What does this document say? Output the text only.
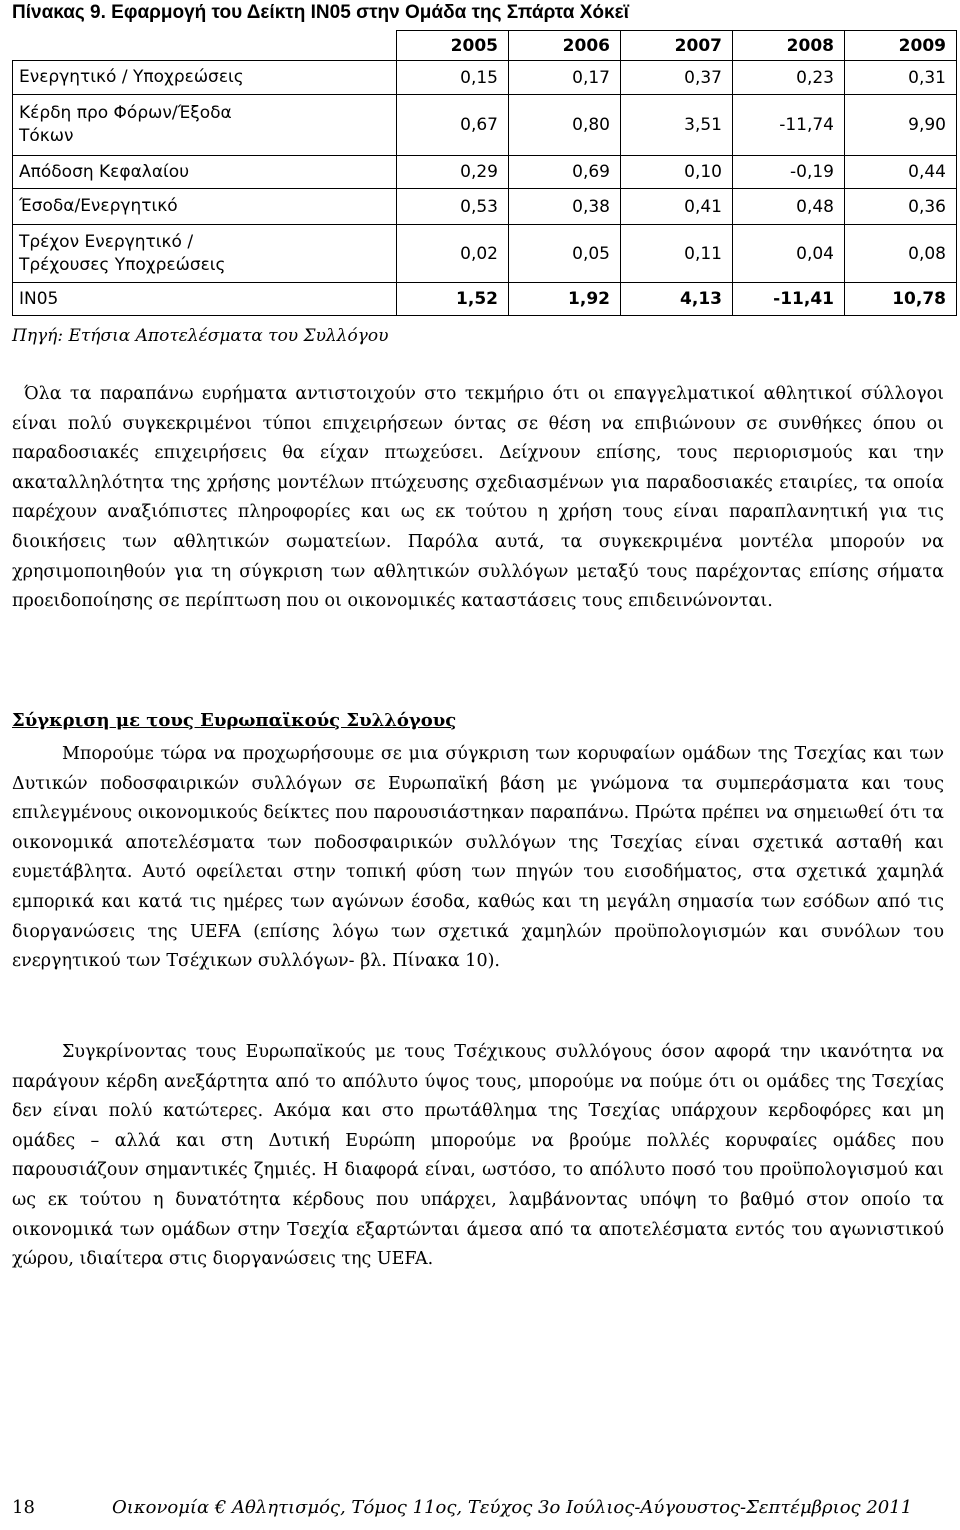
Πίνακας 9. Εφαρμογή του Δείκτη IN05 στην Ομάδα της Σπάρτα Χόκεϊ
	2005	2006	2007	2008	2009
Ενεργητικό / Υποχρεώσεις	0,15	0,17	0,37	0,23	0,31
Κέρδη προ Φόρων/Έξοδα Τόκων	0,67	0,80	3,51	-11,74	9,90
Απόδοση Κεφαλαίου	0,29	0,69	0,10	-0,19	0,44
Έσοδα/Ενεργητικό	0,53	0,38	0,41	0,48	0,36
Τρέχον Ενεργητικό / Τρέχουσες Υποχρεώσεις	0,02	0,05	0,11	0,04	0,08
IN05	1,52	1,92	4,13	-11,41	10,78
Πηγή: Ετήσια Αποτελέσματα του Συλλόγου

Όλα τα παραπάνω ευρήματα αντιστοιχούν στο τεκμήριο ότι οι επαγγελματικοί αθλητικοί σύλλογοι είναι πολύ συγκεκριμένοι τύποι επιχειρήσεων όντας σε θέση να επιβιώνουν σε συνθήκες όπου οι παραδοσιακές επιχειρήσεις θα είχαν πτωχεύσει. Δείχνουν επίσης, τους περιορισμούς και την ακαταλληλότητα της χρήσης μοντέλων πτώχευσης σχεδιασμένων για παραδοσιακές εταιρίες, τα οποία παρέχουν αναξιόπιστες πληροφορίες και ως εκ τούτου η χρήση τους είναι παραπλανητική για τις διοικήσεις των αθλητικών σωματείων. Παρόλα αυτά, τα συγκεκριμένα μοντέλα μπορούν να χρησιμοποιηθούν για τη σύγκριση των αθλητικών συλλόγων μεταξύ τους παρέχοντας επίσης σήματα προειδοποίησης σε περίπτωση που οι οικονομικές καταστάσεις τους επιδεινώνονται.

Σύγκριση με τους Ευρωπαϊκούς Συλλόγους

Μπορούμε τώρα να προχωρήσουμε σε μια σύγκριση των κορυφαίων ομάδων της Τσεχίας και των Δυτικών ποδοσφαιρικών συλλόγων σε Ευρωπαϊκή βάση με γνώμονα τα συμπεράσματα και τους επιλεγμένους οικονομικούς δείκτες που παρουσιάστηκαν παραπάνω. Πρώτα πρέπει να σημειωθεί ότι τα οικονομικά αποτελέσματα των ποδοσφαιρικών συλλόγων της Τσεχίας είναι σχετικά ασταθή και ευμετάβλητα. Αυτό οφείλεται στην τοπική φύση των πηγών του εισοδήματος, στα σχετικά χαμηλά εμπορικά και κατά τις ημέρες των αγώνων έσοδα, καθώς και τη μεγάλη σημασία των εσόδων από τις διοργανώσεις της UEFA (επίσης λόγω των σχετικά χαμηλών προϋπολογισμών και συνόλων του ενεργητικού των Τσέχικων συλλόγων- βλ. Πίνακα 10).

Συγκρίνοντας τους Ευρωπαϊκούς με τους Τσέχικους συλλόγους όσον αφορά την ικανότητα να παράγουν κέρδη ανεξάρτητα από το απόλυτο ύψος τους, μπορούμε να πούμε ότι οι ομάδες της Τσεχίας δεν είναι πολύ κατώτερες. Ακόμα και στο πρωτάθλημα της Τσεχίας υπάρχουν κερδοφόρες και μη ομάδες – αλλά και στη Δυτική Ευρώπη μπορούμε να βρούμε πολλές κορυφαίες ομάδες που παρουσιάζουν σημαντικές ζημιές. Η διαφορά είναι, ωστόσο, το απόλυτο ποσό του προϋπολογισμού και ως εκ τούτου η δυνατότητα κέρδους που υπάρχει, λαμβάνοντας υπόψη το βαθμό στον οποίο τα οικονομικά των ομάδων στην Τσεχία εξαρτώνται άμεσα από τα αποτελέσματα εντός του αγωνιστικού χώρου, ιδιαίτερα στις διοργανώσεις της UEFA.

18	Οικονομία € Αθλητισμός, Τόμος 11ος, Τεύχος 3ο Ιούλιος-Αύγουστος-Σεπτέμβριος 2011
